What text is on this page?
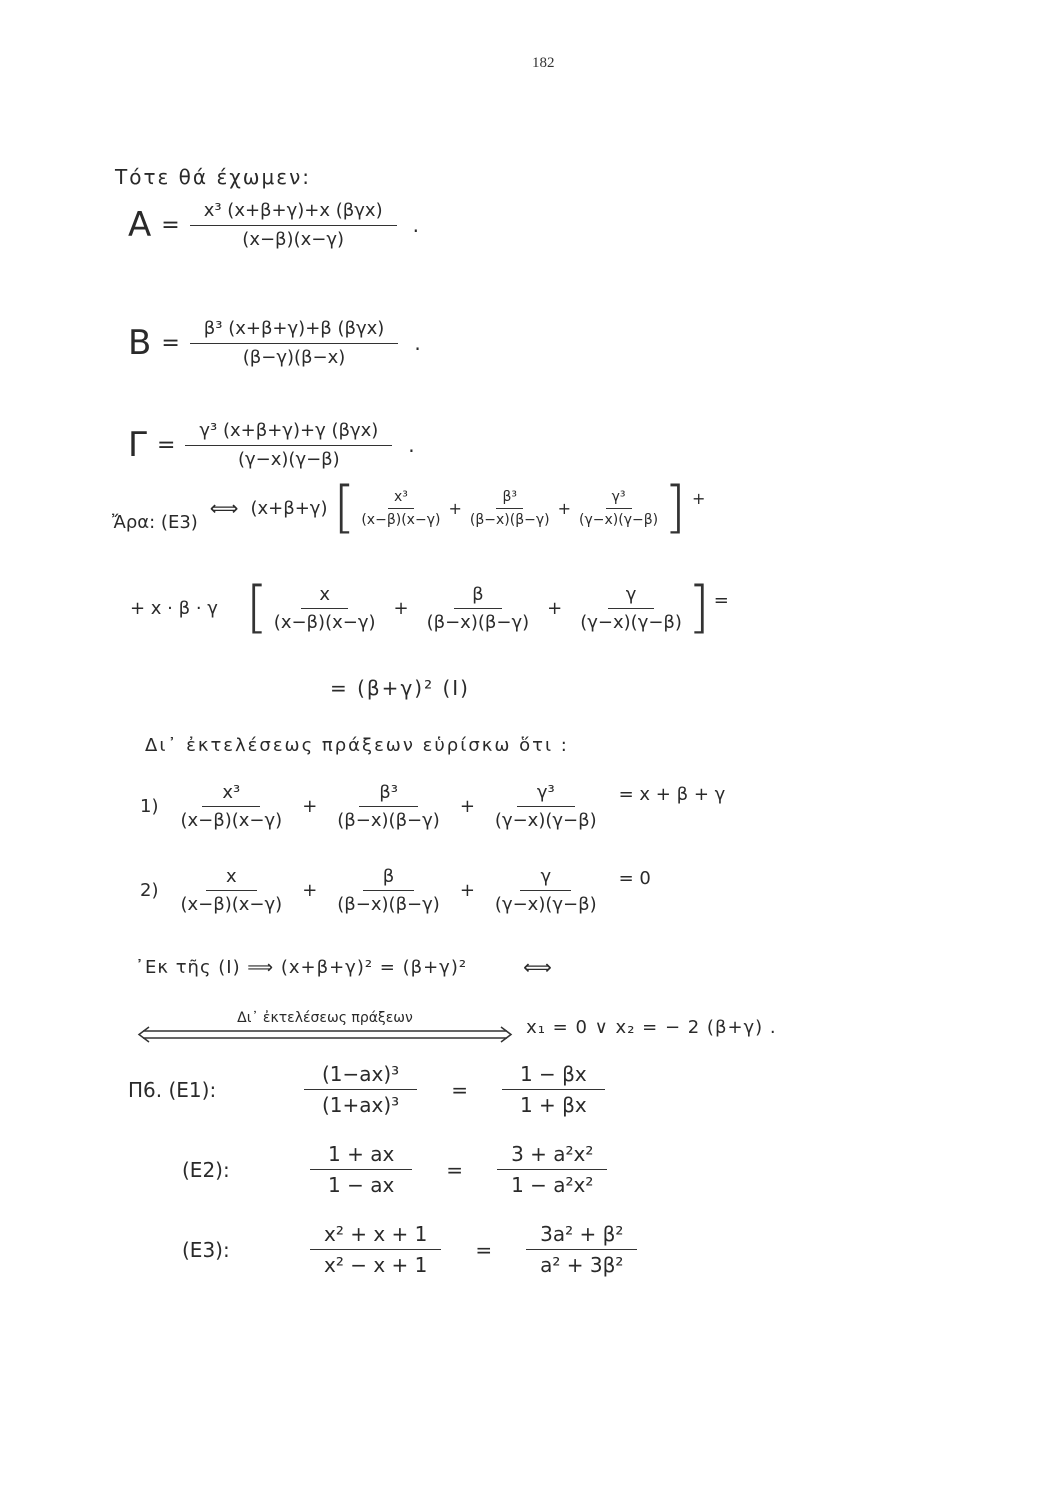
182
Τότε θά έχωμεν:
$A = \frac{\text{x³ (x+β+γ)+x (βγx)}}{(x-\beta)(x-\gamma)}$ .
$B = \frac{\text{β³ (x+β+γ)+β (βγx)}}{(\beta-\gamma)(\beta-x)}$ .
$\Gamma = \frac{\text{γ³ (x+β+γ)+γ (βγx)}}{(\gamma-x)(\gamma-\beta)}$ .
Ἄρα: (E3)
⟺ (x+β+γ) [ $\frac{\text{x³}}{(x-\beta)(x-\gamma)} + \frac{\text{β³}}{(\beta-x)(\beta-\gamma)} + \frac{\text{γ³}}{(\gamma-x)(\gamma-\beta)}$ ] +
+ x · β · γ [ $\frac{x}{(x-\beta)(x-\gamma)} + \frac{\beta}{(\beta-x)(\beta-\gamma)} + \frac{\gamma}{(\gamma-x)(\gamma-\beta)}$ ] =
= (β+γ)² (I)
Δι᾽ ἐκτελέσεως πράξεων εὑρίσκω ὅτι :
$1) \frac{\text{x³}}{(x-\beta)(x-\gamma)} + \frac{\text{β³}}{(\beta-x)(\beta-\gamma)} + \frac{\text{γ³}}{(\gamma-x)(\gamma-\beta)} = x + \beta + \gamma$
$2) \frac{x}{(x-\beta)(x-\gamma)} + \frac{\beta}{(\beta-x)(\beta-\gamma)} + \frac{\gamma}{(\gamma-x)(\gamma-\beta)} = 0$
᾽Εκ τῆς (I) ⟹ (x+β+γ)² = (β+γ)²	⟺
Δι᾽ ἐκτελέσεως πράξεων	x₁ = 0 ∨ x₂ = − 2 (β+γ) .
Π6. (E1):	$\frac{\text{(1−ax)³}}{\text{(1+ax)³}} = \frac{1 - \beta x}{1 + \beta x}$
(E2):	$\frac{1 + ax}{1 - ax} = \frac{\text{3 + a²x²}}{\text{1 − a²x²}}$
(E3):	$\frac{\text{x² + x + 1}}{\text{x² − x + 1}} = \frac{\text{3a² + β²}}{\text{a² + 3β²}}$
